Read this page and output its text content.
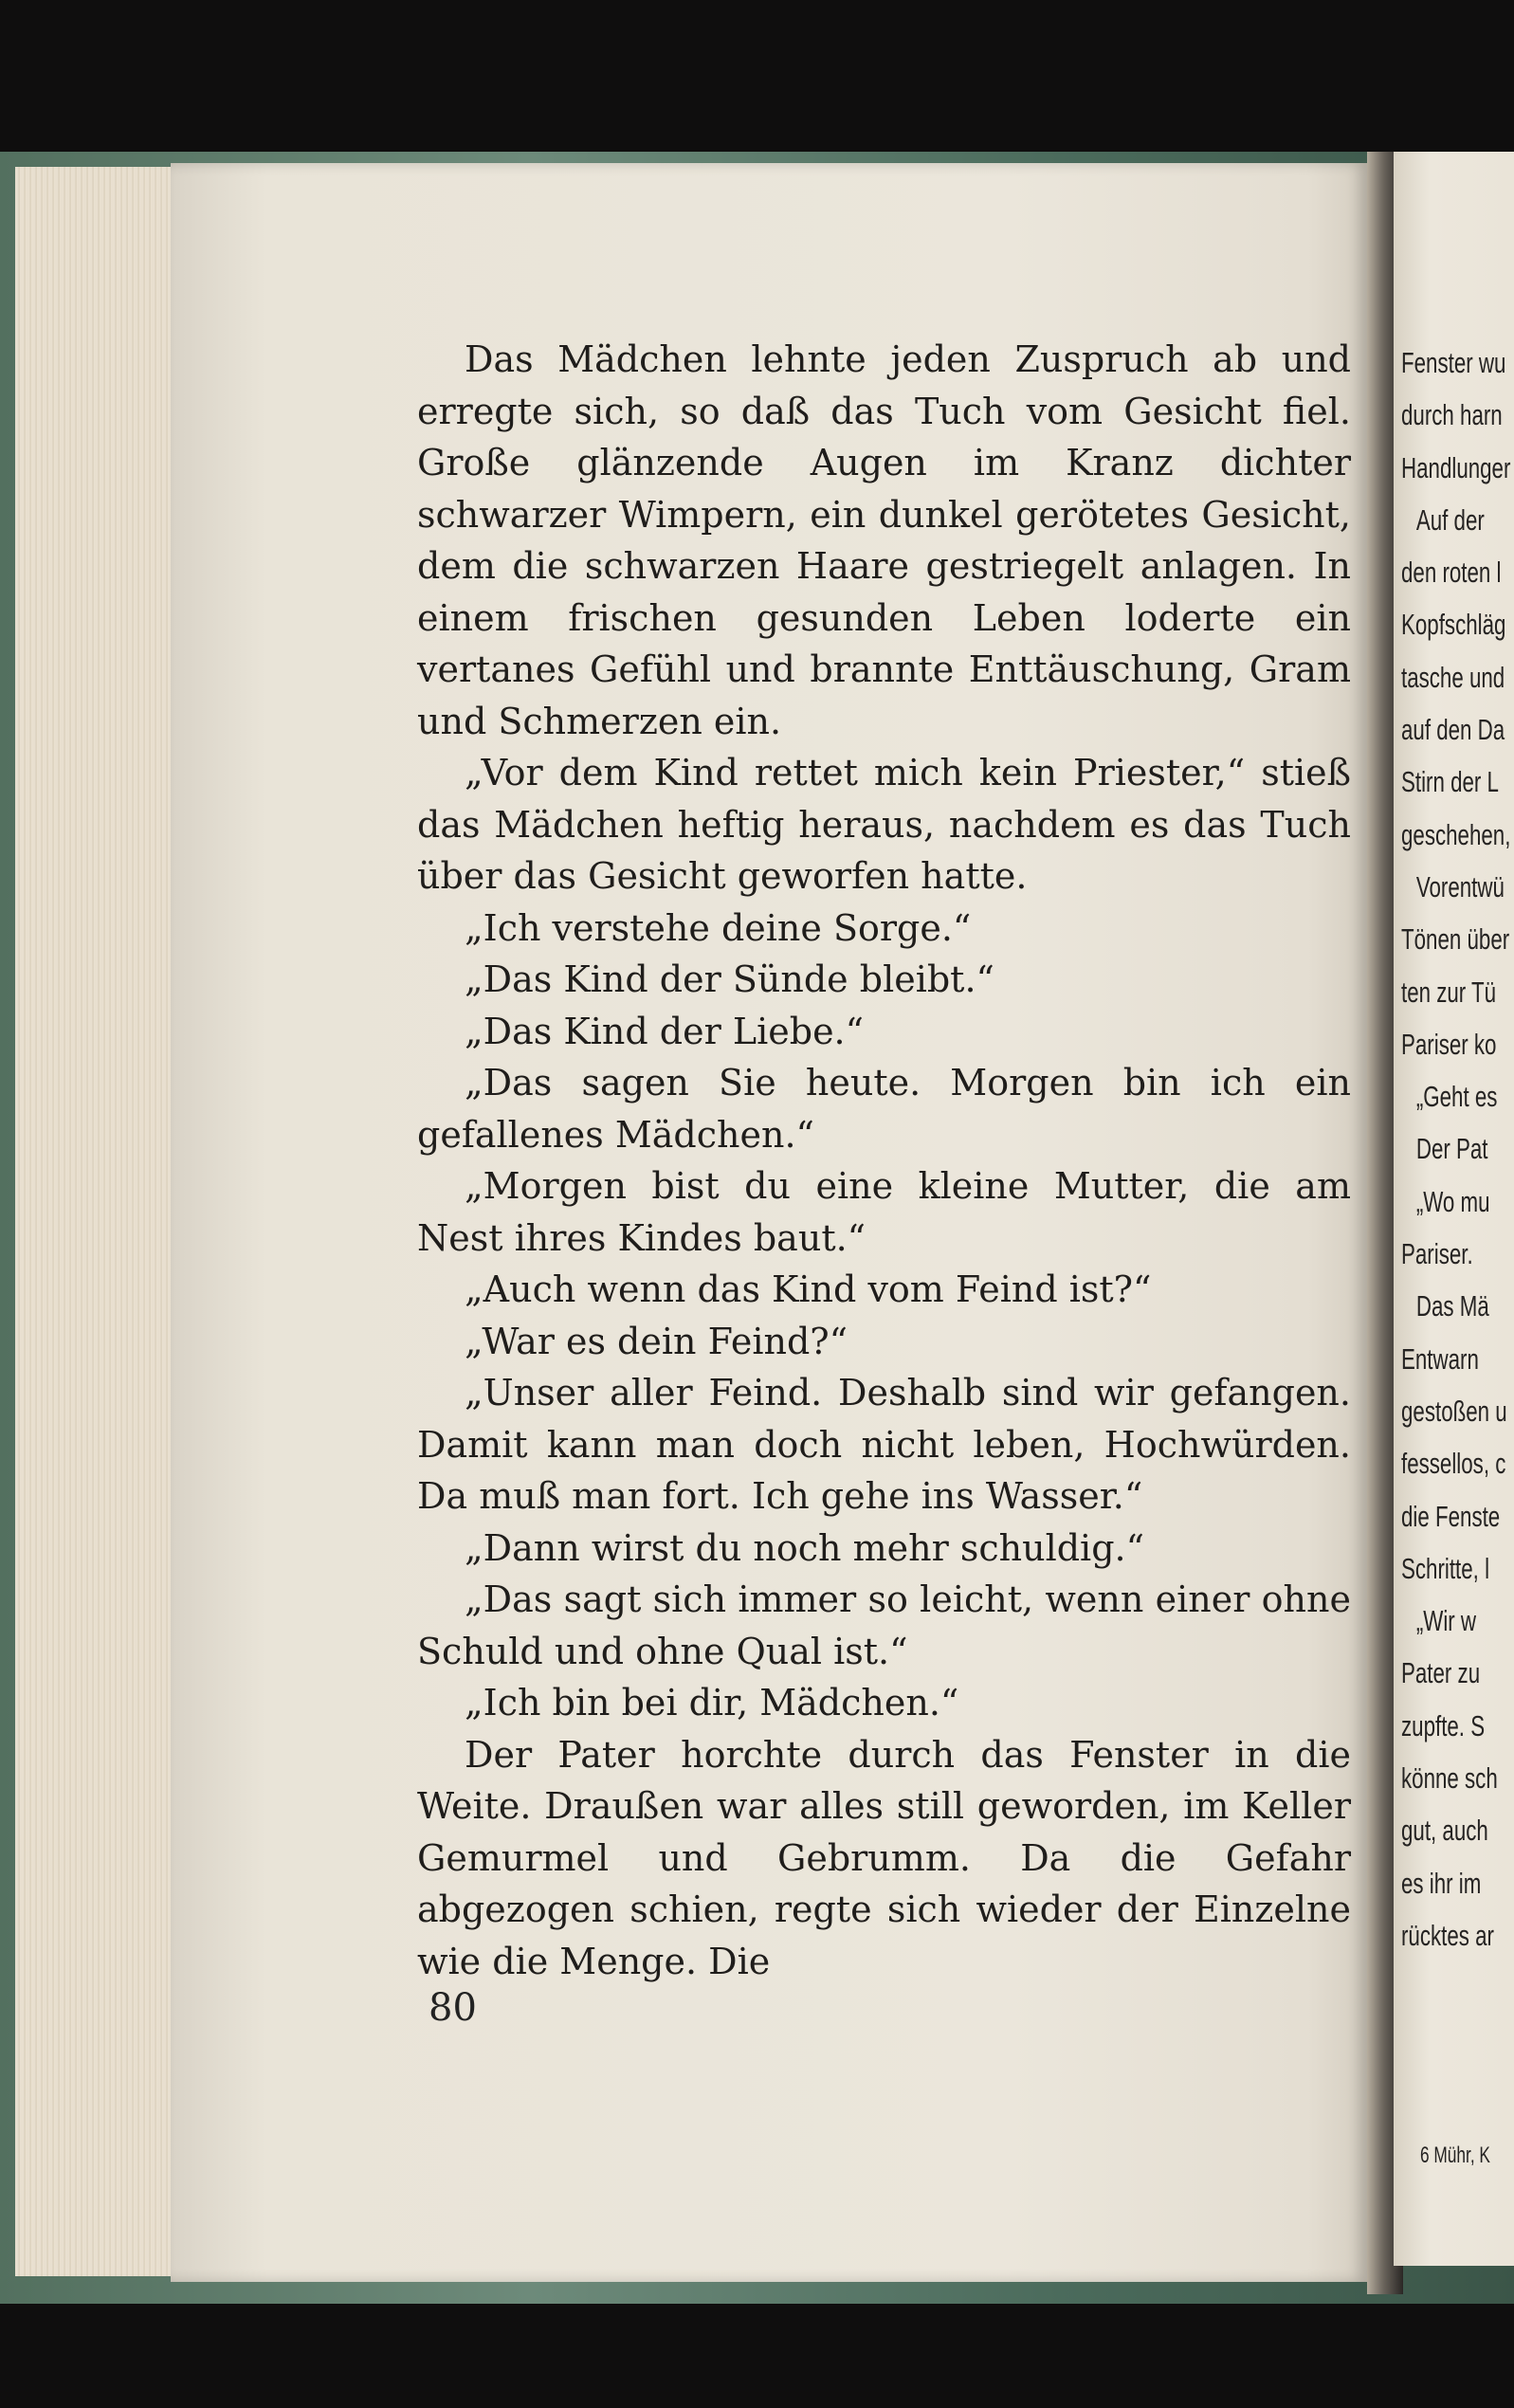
Das Mädchen lehnte jeden Zuspruch ab und erregte sich, so daß das Tuch vom Gesicht fiel. Große glänzende Augen im Kranz dichter schwarzer Wimpern, ein dunkel gerötetes Gesicht, dem die schwarzen Haare gestriegelt anlagen. In einem frischen gesunden Leben loderte ein vertanes Gefühl und brannte Enttäuschung, Gram und Schmerzen ein.

„Vor dem Kind rettet mich kein Priester,“ stieß das Mädchen heftig heraus, nachdem es das Tuch über das Gesicht geworfen hatte.

„Ich verstehe deine Sorge.“

„Das Kind der Sünde bleibt.“

„Das Kind der Liebe.“

„Das sagen Sie heute. Morgen bin ich ein gefallenes Mädchen.“

„Morgen bist du eine kleine Mutter, die am Nest ihres Kindes baut.“

„Auch wenn das Kind vom Feind ist?“

„War es dein Feind?“

„Unser aller Feind. Deshalb sind wir gefangen. Damit kann man doch nicht leben, Hochwürden. Da muß man fort. Ich gehe ins Wasser.“

„Dann wirst du noch mehr schuldig.“

„Das sagt sich immer so leicht, wenn einer ohne Schuld und ohne Qual ist.“

„Ich bin bei dir, Mädchen.“

Der Pater horchte durch das Fenster in die Weite. Draußen war alles still geworden, im Keller Gemurmel und Gebrumm. Da die Gefahr abgezogen schien, regte sich wieder der Einzelne wie die Menge. Die

80
Fenster wu
durch harn
Handlunger
Auf der
den roten l
Kopfschläg
tasche und
auf den Da
Stirn der L
geschehen,
Vorentwü
Tönen über
ten zur Tü
Pariser ko
„Geht es
Der Pat
„Wo mu
Pariser.
Das Mä
Entwarn
gestoßen u
fessellos, c
die Fenste
Schritte, l
„Wir w
Pater zu
zupfte. S
könne sch
gut, auch
es ihr im
rücktes ar
6 Mühr, K
